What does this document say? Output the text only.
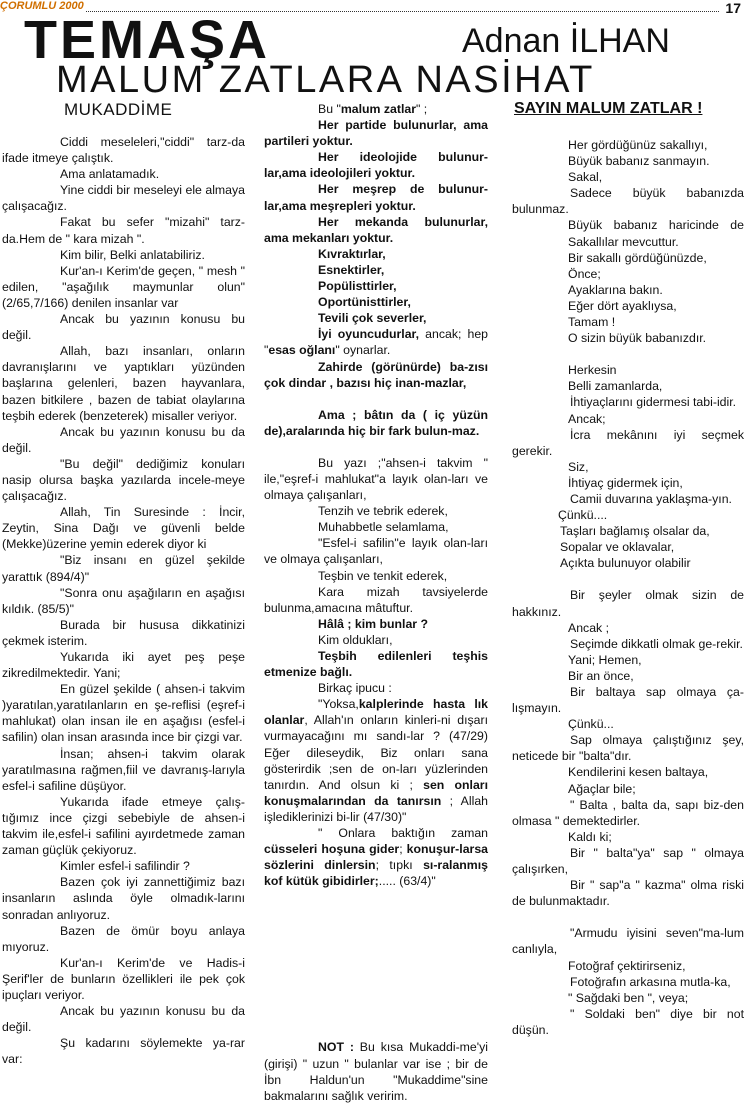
ÇORUMLU 2000	17
TEMAŞA	Adnan İLHAN
MALUM ZATLARA NASİHAT
MUKADDİME	SAYIN MALUM ZATLAR !

Ciddi meseleleri,"ciddi" tarz-da ifade itmeye çalıştık.

Ama anlatamadık.

Yine ciddi bir meseleyi ele almaya çalışacağız.

Fakat bu sefer "mizahi" tarz-da.Hem de " kara mizah ".

Kim bilir, Belki anlatabiliriz.

Kur'an-ı Kerim'de geçen, " mesh " edilen, "aşağılık maymunlar olun"(2/65,7/166) denilen insanlar var

Ancak bu yazının konusu bu değil.

Allah, bazı insanları, onların davranışlarını ve yaptıkları yüzünden başlarına gelenleri, bazen hayvanlara, bazen bitkilere , bazen de tabiat olaylarına teşbih ederek (benzeterek) misaller veriyor.

Ancak bu yazının konusu bu da değil.

"Bu değil" dediğimiz konuları nasip olursa başka yazılarda incele-meye çalışacağız.

Allah, Tin Suresinde : İncir, Zeytin, Sina Dağı ve güvenli belde (Mekke)üzerine yemin ederek diyor ki

"Biz insanı en güzel şekilde yarattık (894/4)"

"Sonra onu aşağıların en aşağısı kıldık. (85/5)"

Burada bir hususa dikkatinizi çekmek isterim.

Yukarıda iki ayet peş peşe zikredilmektedir. Yani;

En güzel şekilde ( ahsen-i takvim )yaratılan,yaratılanların en şe-reflisi (eşref-i mahlukat) olan insan ile en aşağısı (esfel-i safilin) olan insan arasında ince bir çizgi var.

İnsan; ahsen-i takvim olarak yaratılmasına rağmen,fiil ve davranış-larıyla esfel-i safiline düşüyor.

Yukarıda ifade etmeye çalış-tığımız ince çizgi sebebiyle de ahsen-i takvim ile,esfel-i safilini ayırdetmede zaman zaman güçlük çekiyoruz.

Kimler esfel-i safilindir ?

Bazen çok iyi zannettiğimiz bazı insanların aslında öyle olmadık-larını sonradan anlıyoruz.

Bazen de ömür boyu anlaya mıyoruz.

Kur'an-ı Kerim'de ve Hadis-i Şerif'ler de bunların özellikleri ile pek çok ipuçları veriyor.

Ancak bu yazının konusu bu da değil.

Şu kadarını söylemekte ya-rar var:

Bu "malum zatlar" ;

Her partide bulunurlar, ama partileri yoktur.

Her ideolojide bulunur-lar,ama ideolojileri yoktur.

Her meşrep de bulunur-lar,ama meşrepleri yoktur.

Her mekanda bulunurlar, ama mekanları yoktur.

Kıvraktırlar,

Esnektirler,

Popülisttirler,

Oportünisttirler,

Tevili çok severler,

İyi oyuncudurlar, ancak; hep "esas oğlanı" oynarlar.

Zahirde (görünürde) ba-zısı çok dindar , bazısı hiç inan-mazlar,

Ama ; bâtın da ( iç yüzün de),aralarında hiç bir fark bulun-maz.

Bu yazı ;"ahsen-i takvim " ile,"eşref-i mahlukat"a layık olan-ları ve olmaya çalışanları,

Tenzih ve tebrik ederek,

Muhabbetle selamlama,

"Esfel-i safilin"e layık olan-ları ve olmaya çalışanları,

Teşbin ve tenkit ederek,

Kara mizah tavsiyelerde bulunma,amacına mâtuftur.

Hâlâ ; kim bunlar ?

Kim oldukları,

Teşbih edilenleri teşhis etmenize bağlı.

Birkaç ipucu :

"Yoksa,kalplerinde hasta lık olanlar, Allah'ın onların kinleri-ni dışarı vurmayacağını mı sandı-lar ? (47/29) Eğer dileseydik, Biz onları sana gösterirdik ;sen de on-ları yüzlerinden tanırdın. And olsun ki ; sen onları konuşmalarından da tanırsın ; Allah işlediklerinizi bi-lir (47/30)"

" Onlara baktığın zaman cüsseleri hoşuna gider; konuşur-larsa sözlerini dinlersin; tıpkı sı-ralanmış kof kütük gibidirler;..... (63/4)"

NOT : Bu kısa Mukaddi-me'yi (girişi) " uzun " bulanlar var ise ; bir de İbn Haldun'un "Mukaddime"sine bakmalarını sağlık veririm.

Her gördüğünüz sakallıyı,

Büyük babanız sanmayın.

Sakal,

Sadece büyük babanızda bulunmaz.

Büyük babanız haricinde de Sakallılar mevcuttur.

Bir sakallı gördüğünüzde,

Önce;

Ayaklarına bakın.

Eğer dört ayaklıysa,

Tamam !

O sizin büyük babanızdır.

Herkesin

Belli zamanlarda,

İhtiyaçlarını gidermesi tabi-idir.

Ancak;

İcra mekânını iyi seçmek gerekir.

Siz,

İhtiyaç gidermek için,

Camii duvarına yaklaşma-yın.

Çünkü....

Taşları bağlamış olsalar da,

Sopalar ve oklavalar,

Açıkta bulunuyor olabilir

Bir şeyler olmak sizin de hakkınız.

Ancak ;

Seçimde dikkatli olmak ge-rekir.

Yani; Hemen,

Bir an önce,

Bir baltaya sap olmaya ça-lışmayın.

Çünkü...

Sap olmaya çalıştığınız şey, neticede bir "balta"dır.

Kendilerini kesen baltaya,

Ağaçlar bile;

" Balta , balta da, sapı biz-den olmasa " demektedirler.

Kaldı ki;

Bir " balta"ya" sap " olmaya çalışırken,

Bir " sap"a " kazma" olma riski de bulunmaktadır.

"Armudu iyisini seven"ma-lum canlıyla,

Fotoğraf çektirirseniz,

Fotoğrafın arkasına mutla-ka,

" Sağdaki ben ", veya;

" Soldaki ben" diye bir not düşün.
